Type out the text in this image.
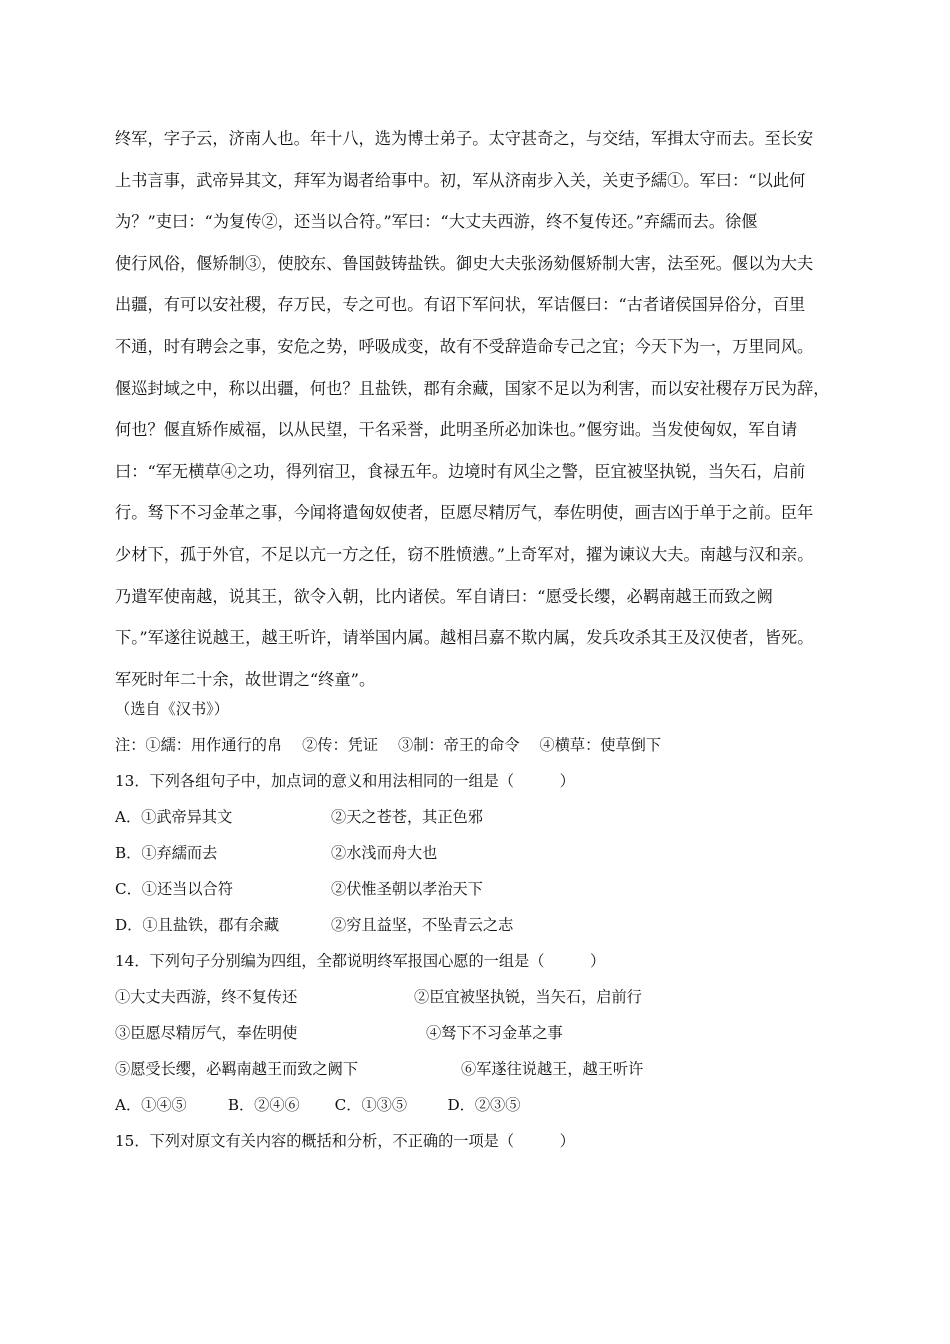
终军，字子云，济南人也。年十八，选为博士弟子。太守甚奇之，与交结，军揖太守而去。至长安
上书言事，武帝异其文，拜军为谒者给事中。初，军从济南步入关，关吏予繻①。军曰：“以此何
为？”吏曰：“为复传②，还当以合符。”军曰：“大丈夫西游，终不复传还。”弃繻而去。徐偃
使行风俗，偃矫制③，使胶东、鲁国鼓铸盐铁。御史大夫张汤劾偃矫制大害，法至死。偃以为大夫
出疆，有可以安社稷，存万民，专之可也。有诏下军问状，军诘偃曰：“古者诸侯国异俗分，百里
不通，时有聘会之事，安危之势，呼吸成变，故有不受辞造命专己之宜；今天下为一，万里同风。
偃巡封域之中，称以出疆，何也？且盐铁，郡有余藏，国家不足以为利害，而以安社稷存万民为辞，
何也？偃直矫作威福，以从民望，干名采誉，此明圣所必加诛也。”偃穷诎。当发使匈奴，军自请
曰：“军无横草④之功，得列宿卫，食禄五年。边境时有风尘之警，臣宜被坚执锐，当矢石，启前
行。驽下不习金革之事，今闻将遣匈奴使者，臣愿尽精厉气，奉佐明使，画吉凶于单于之前。臣年
少材下，孤于外官，不足以亢一方之任，窃不胜愤懑。”上奇军对，擢为谏议大夫。南越与汉和亲。
乃遣军使南越，说其王，欲令入朝，比内诸侯。军自请曰：“愿受长缨，必羁南越王而致之阙
下。”军遂往说越王，越王听许，请举国内属。越相吕嘉不欺内属，发兵攻杀其王及汉使者，皆死。
军死时年二十余，故世谓之“终童”。
（选自《汉书》）
注：①繻：用作通行的帛　 ②传：凭证　 ③制：帝王的命令　 ④横草：使草倒下
13．下列各组句子中，加点词的意义和用法相同的一组是（　　　）
A．①武帝异其文	②天之苍苍，其正色邪
B．①弃繻而去	②水浅而舟大也
C．①还当以合符	②伏惟圣朝以孝治天下
D．①且盐铁，郡有余藏	②穷且益坚，不坠青云之志
14．下列句子分别编为四组，全都说明终军报国心愿的一组是（　　　）
①大丈夫西游，终不复传还	②臣宜被坚执锐，当矢石，启前行
③臣愿尽精厉气，奉佐明使	④驽下不习金革之事
⑤愿受长缨，必羁南越王而致之阙下	⑥军遂往说越王，越王听许
A．①④⑤	B．②④⑥ C．①③⑤	D．②③⑤
15．下列对原文有关内容的概括和分析，不正确的一项是（　　　）
